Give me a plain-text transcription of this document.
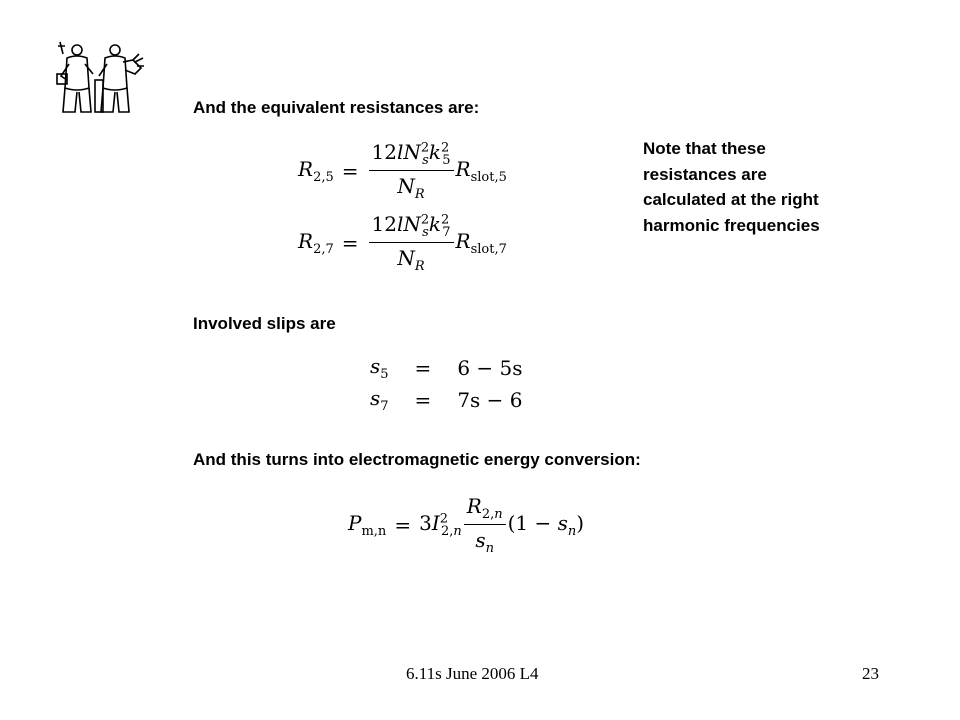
And the equivalent resistances are:
$R_{2,5} = \frac{12lN^2_sk^2_5}{N_R} R_{slot,5}$
$R_{2,7} = \frac{12lN^2_sk^2_7}{N_R} R_{slot,7}$
Note that these resistances are calculated at the right harmonic frequencies
Involved slips are
$s_5$	=	6 − 5s
$s_7$	=	7s − 6
And this turns into electromagnetic energy conversion:
$P_{m,n} = 3I^2_{2,n} \frac{R_{2,n}}{s_n} (1 - s_n)$
6.11s June 2006 L4	23
